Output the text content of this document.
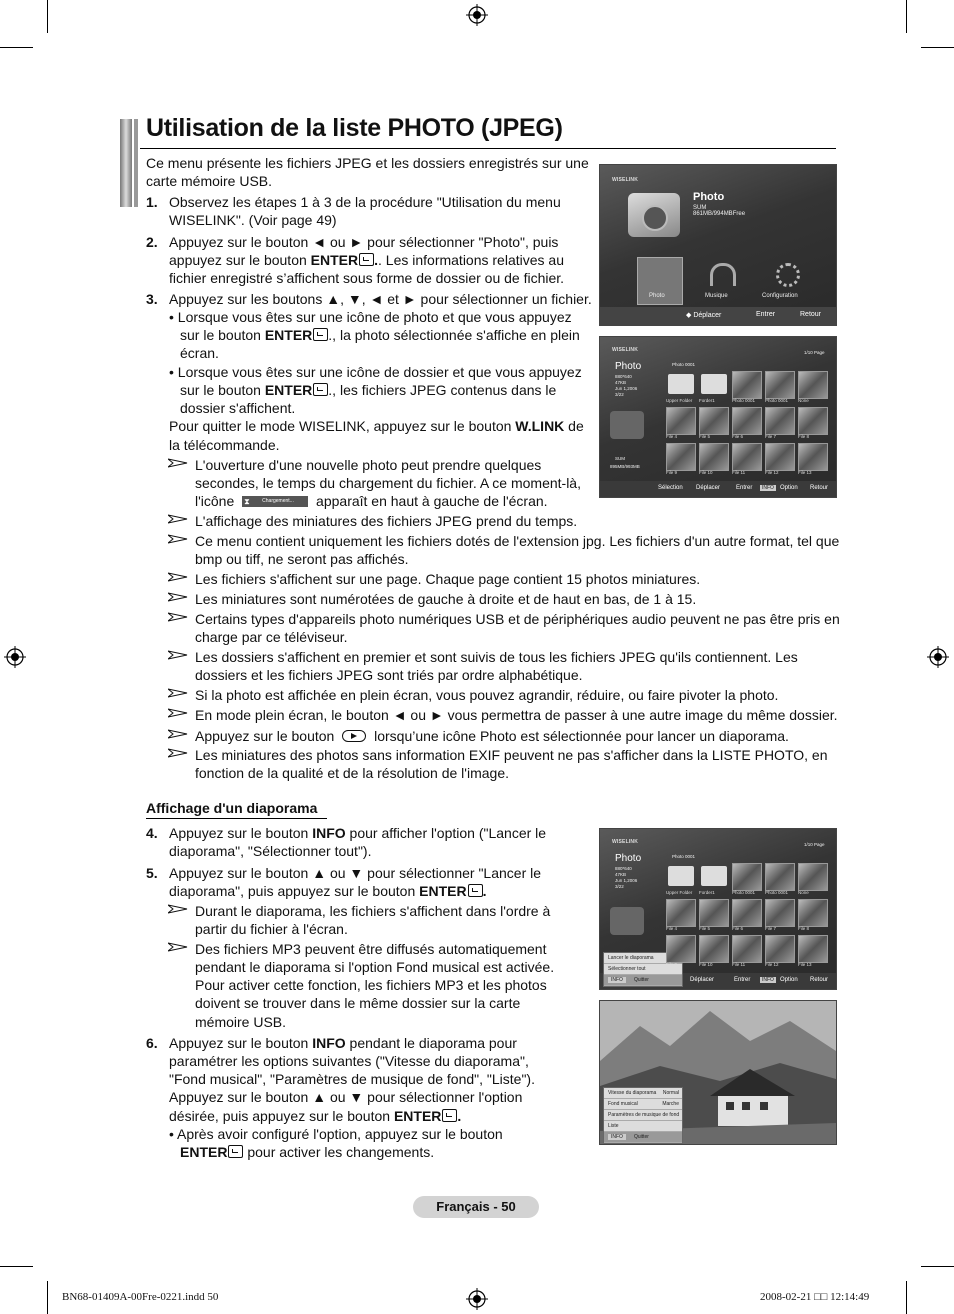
Utilisation de la liste PHOTO (JPEG)
Ce menu présente les fichiers JPEG et les dossiers enregistrés sur une
carte mémoire USB.
1. Observez les étapes 1 à 3 de la procédure "Utilisation du menu
WISELINK". (Voir page 49)
2. Appuyez sur le bouton ◄ ou ► pour sélectionner "Photo", puis
appuyez sur le bouton ENTER .. Les informations relatives au
fichier enregistré s’affichent sous forme de dossier ou de fichier.
3. Appuyez sur les boutons ▲, ▼, ◄ et ► pour sélectionner un fichier.
• Lorsque vous êtes sur une icône de photo et que vous appuyez
sur le bouton ENTER ., la photo sélectionnée s'affiche en plein
écran.
• Lorsque vous êtes sur une icône de dossier et que vous appuyez
sur le bouton ENTER ., les fichiers JPEG contenus dans le
dossier s'affichent.
Pour quitter le mode WISELINK, appuyez sur le bouton W.LINK de
la télécommande.
L'ouverture d'une nouvelle photo peut prendre quelques
secondes, le temps du chargement du fichier. A ce moment-là,
l'icône ⧗ Chargement... apparaît en haut à gauche de l'écran.
L'affichage des miniatures des fichiers JPEG prend du temps.
Ce menu contient uniquement les fichiers dotés de l'extension jpg. Les fichiers d'un autre format, tel que
bmp ou tiff, ne seront pas affichés.
Les fichiers s'affichent sur une page. Chaque page contient 15 photos miniatures.
Les miniatures sont numérotées de gauche à droite et de haut en bas, de 1 à 15.
Certains types d'appareils photo numériques USB et de périphériques audio peuvent ne pas être pris en
charge par ce téléviseur.
Les dossiers s'affichent en premier et sont suivis de tous les fichiers JPEG qu'ils contiennent. Les
dossiers et les fichiers JPEG sont triés par ordre alphabétique.
Si la photo est affichée en plein écran, vous pouvez agrandir, réduire, ou faire pivoter la photo.
En mode plein écran, le bouton ◄ ou ► vous permettra de passer à une autre image du même dossier.
Appuyez sur le bouton	lorsqu’une icône Photo est sélectionnée pour lancer un diaporama.
Les miniatures des photos sans information EXIF peuvent ne pas s'afficher dans la LISTE PHOTO, en
fonction de la qualité et de la résolution de l'image.
Affichage d'un diaporama
4. Appuyez sur le bouton INFO pour afficher l'option ("Lancer le
diaporama", "Sélectionner tout").
5. Appuyez sur le bouton ▲ ou ▼ pour sélectionner "Lancer le
diaporama", puis appuyez sur le bouton ENTER .
Durant le diaporama, les fichiers s'affichent dans l'ordre à
partir du fichier à l'écran.
Des fichiers MP3 peuvent être diffusés automatiquement
pendant le diaporama si l'option Fond musical est activée.
Pour activer cette fonction, les fichiers MP3 et les photos
doivent se trouver dans le même dossier sur la carte
mémoire USB.
6. Appuyez sur le bouton INFO pendant le diaporama pour
paramétrer les options suivantes ("Vitesse du diaporama",
"Fond musical", "Paramètres de musique de fond", "Liste").
Appuyez sur le bouton ▲ ou ▼ pour sélectionner l'option
désirée, puis appuyez sur le bouton ENTER .
• Après avoir configuré l'option, appuyez sur le bouton
ENTER pour activer les changements.
WISELINK
Photo
SUM
861MB/994MBFree
Photo	Musique	Configuration
◆ Déplacer	Entrer	Retour
WISELINK	1/10 Page
Photo
880*640
47KB
Jun 1,2006
3/22
SUM
895MB/993MB
Photo 0001
Sélection Déplacer	Entrer	INFO	Option Retour
Upper Folder Forder1	Photo 0001 Photo 0001 None
File 4	File 5	File 6	File 7	File 8
File 9	File 10	File 11	File 12	File 13
WISELINK	1/10 Page
Photo
880*640
47KB
Jun 1,2006
3/22
Photo 0001
Déplacer	Entrer	INFO	Option Retour
Lancer le diaporama
Sélectionner tout
INFO Quitter
Upper Folder Forder1	Photo 0001 Photo 0001 None
File 4	File 5	File 6	File 7	File 8
File 9	File 10	File 11	File 12	File 13
Vitesse du diaporama Normal
Fond musical	Marche
Paramètres de musique de fond
Liste
INFO Quitter
Français - 50
BN68-01409A-00Fre-0221.indd 50	2008-02-21 □□ 12:14:49
